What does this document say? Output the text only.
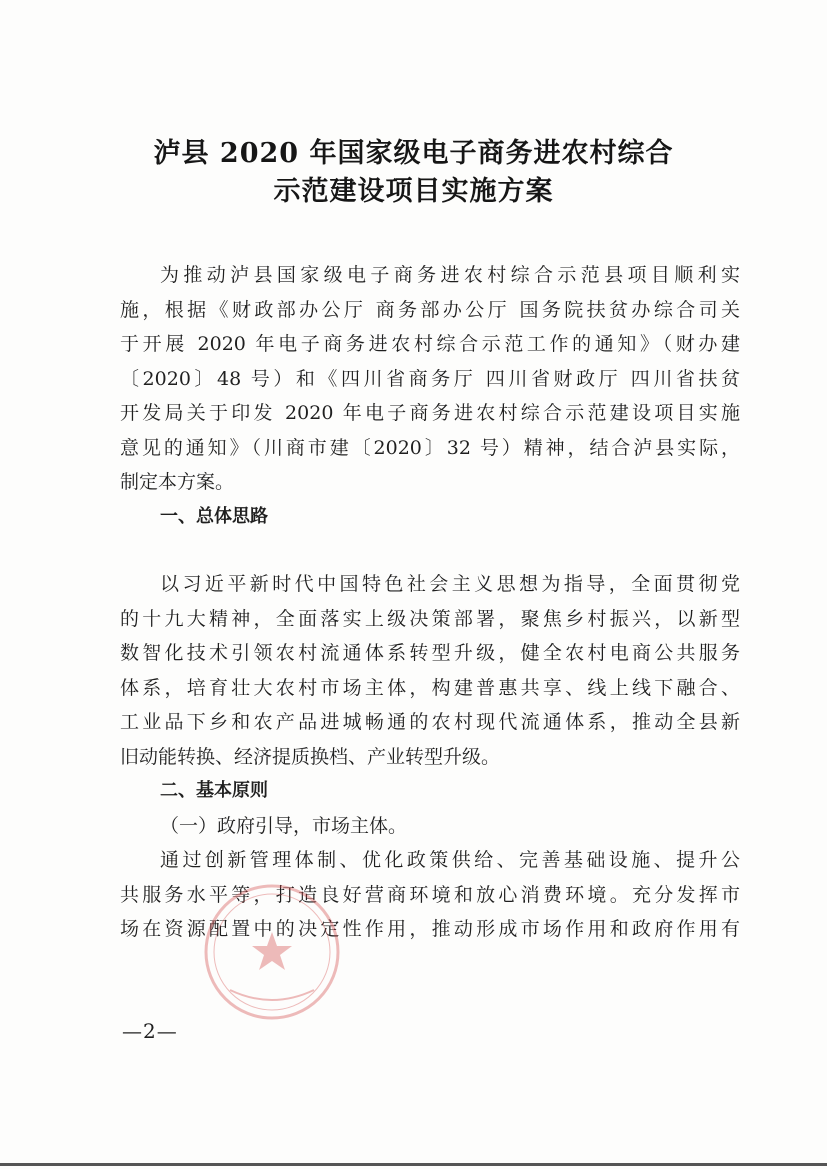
泸县 2020 年国家级电子商务进农村综合
示范建设项目实施方案
为推动泸县国家级电子商务进农村综合示范县项目顺利实
施，根据《财政部办公厅 商务部办公厅 国务院扶贫办综合司关
于开展 2020 年电子商务进农村综合示范工作的通知》（财办建
〔2020〕48 号）和《四川省商务厅 四川省财政厅 四川省扶贫
开发局关于印发 2020 年电子商务进农村综合示范建设项目实施
意见的通知》（川商市建〔2020〕32 号）精神，结合泸县实际，
制定本方案。
一、总体思路
以习近平新时代中国特色社会主义思想为指导，全面贯彻党
的十九大精神，全面落实上级决策部署，聚焦乡村振兴，以新型
数智化技术引领农村流通体系转型升级，健全农村电商公共服务
体系，培育壮大农村市场主体，构建普惠共享、线上线下融合、
工业品下乡和农产品进城畅通的农村现代流通体系，推动全县新
旧动能转换、经济提质换档、产业转型升级。
二、基本原则
（一）政府引导，市场主体。
通过创新管理体制、优化政策供给、完善基础设施、提升公
共服务水平等，打造良好营商环境和放心消费环境。充分发挥市
场在资源配置中的决定性作用，推动形成市场作用和政府作用有
—2—
